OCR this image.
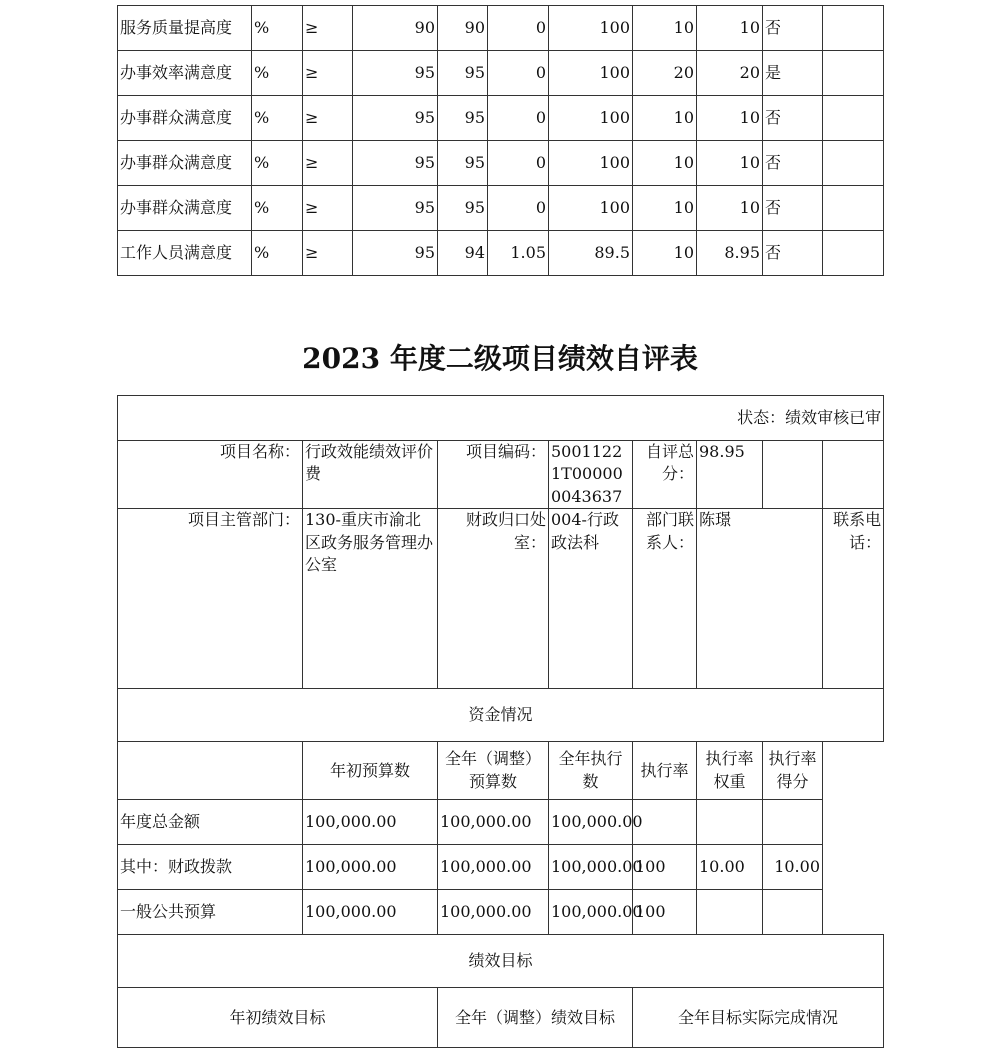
服务质量提高度	%	≥	90	90	0	100	10	10	否	
办事效率满意度	%	≥	95	95	0	100	20	20	是	
办事群众满意度	%	≥	95	95	0	100	10	10	否	
办事群众满意度	%	≥	95	95	0	100	10	10	否	
办事群众满意度	%	≥	95	95	0	100	10	10	否	
工作人员满意度	%	≥	95	94	1.05	89.5	10	8.95	否	
2023 年度二级项目绩效自评表
状态：绩效审核已审								
项目名称：	行政效能绩效评价费	项目编码：	50011221T000000043637	自评总分：	98.95			
项目主管部门：	130-重庆市渝北区政务服务管理办公室	财政归口处室：	004-行政政法科	部门联系人：	陈璟		联系电话：	
资金情况								
	年初预算数	全年（调整）预算数	全年执行数	执行率	执行率权重	执行率得分		
年度总金额	100,000.00	100,000.00	100,000.00					
其中：财政拨款	100,000.00	100,000.00	100,000.00	100	10.00	10.00		
一般公共预算	100,000.00	100,000.00	100,000.00	100				
绩效目标								
年初绩效目标		全年（调整）绩效目标		全年目标实际完成情况				
